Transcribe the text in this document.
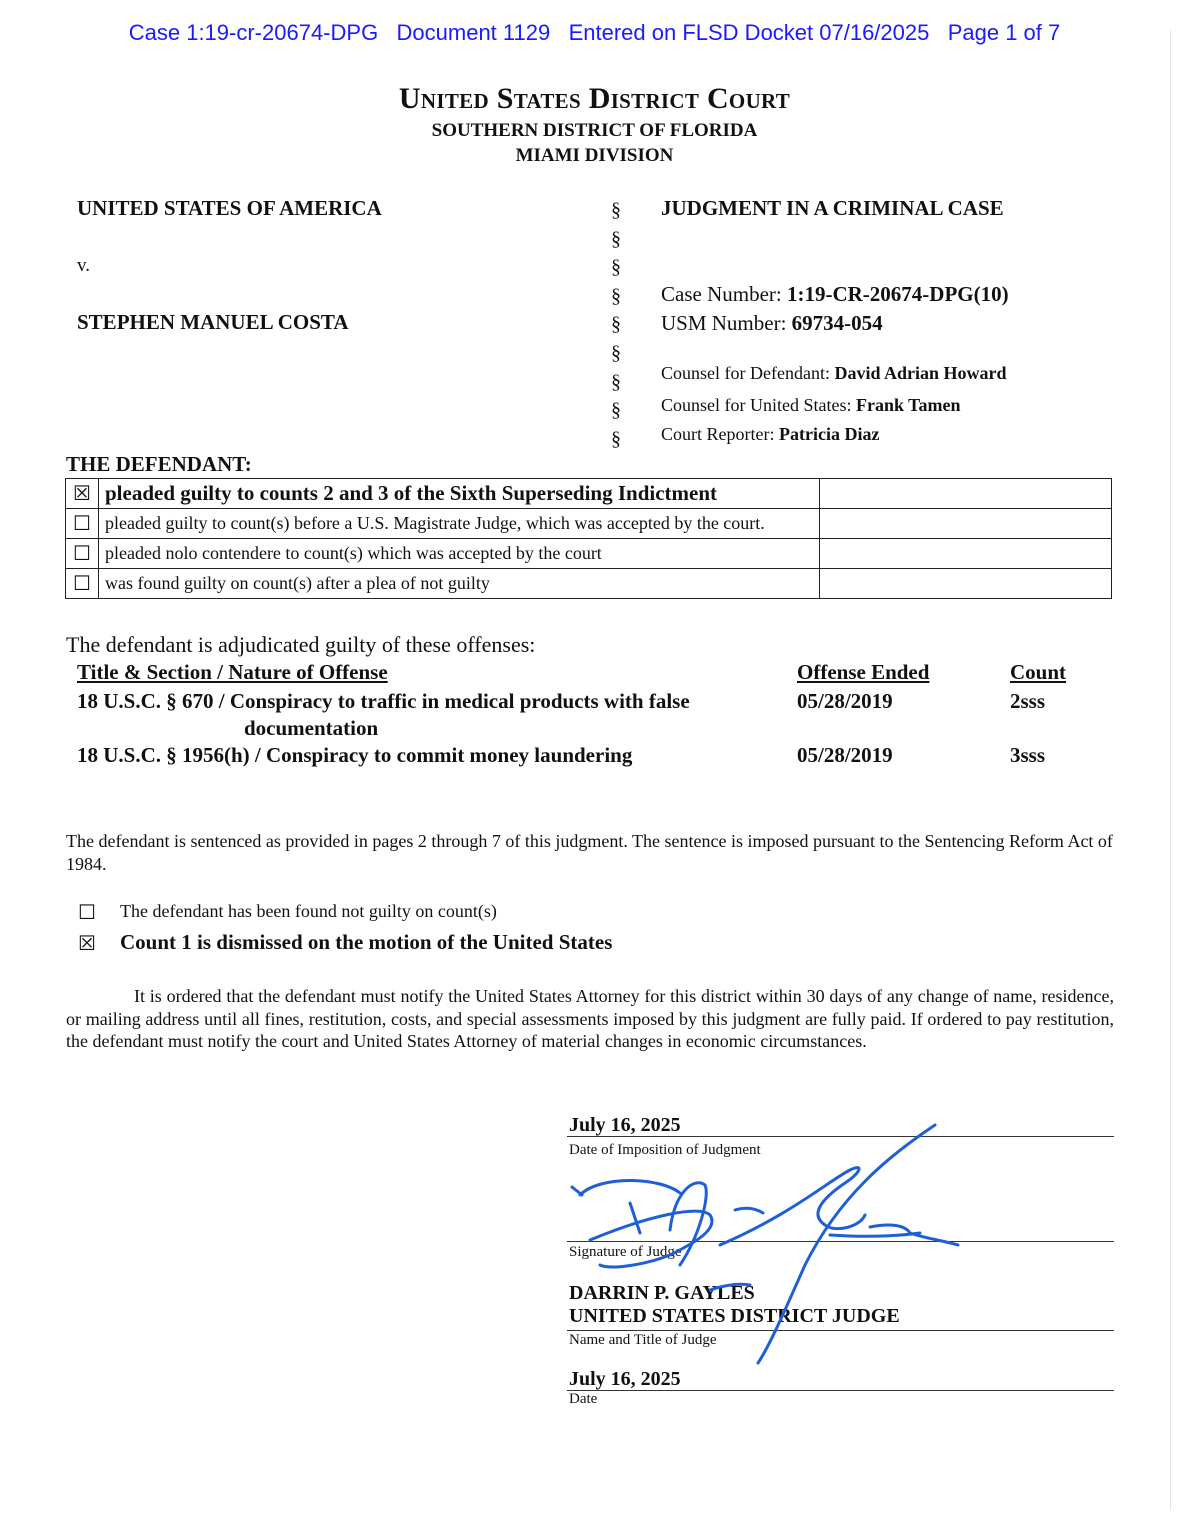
Case 1:19-cr-20674-DPG Document 1129 Entered on FLSD Docket 07/16/2025 Page 1 of 7
United States District Court
SOUTHERN DISTRICT OF FLORIDA
MIAMI DIVISION
UNITED STATES OF AMERICA
v.
STEPHEN MANUEL COSTA
§
§
§
§
§
§
§
§
§
JUDGMENT IN A CRIMINAL CASE
Case Number: 1:19-CR-20674-DPG(10)
USM Number: 69734-054
Counsel for Defendant: David Adrian Howard
Counsel for United States: Frank Tamen
Court Reporter: Patricia Diaz
THE DEFENDANT:
☒	pleaded guilty to counts 2 and 3 of the Sixth Superseding Indictment	
☐	pleaded guilty to count(s) before a U.S. Magistrate Judge, which was accepted by the court.	
☐	pleaded nolo contendere to count(s) which was accepted by the court	
☐	was found guilty on count(s) after a plea of not guilty	
The defendant is adjudicated guilty of these offenses:
Title & Section / Nature of Offense	Offense Ended	Count
18 U.S.C. § 670 / Conspiracy to traffic in medical products with false
documentation
05/28/2019	2sss
18 U.S.C. § 1956(h) / Conspiracy to commit money laundering	05/28/2019	3sss
The defendant is sentenced as provided in pages 2 through 7 of this judgment. The sentence is imposed pursuant to the Sentencing Reform Act of 1984.
☐ The defendant has been found not guilty on count(s)
☒ Count 1 is dismissed on the motion of the United States
It is ordered that the defendant must notify the United States Attorney for this district within 30 days of any change of name, residence, or mailing address until all fines, restitution, costs, and special assessments imposed by this judgment are fully paid. If ordered to pay restitution, the defendant must notify the court and United States Attorney of material changes in economic circumstances.
July 16, 2025
Date of Imposition of Judgment
Signature of Judge
DARRIN P. GAYLES
UNITED STATES DISTRICT JUDGE
Name and Title of Judge
July 16, 2025
Date
